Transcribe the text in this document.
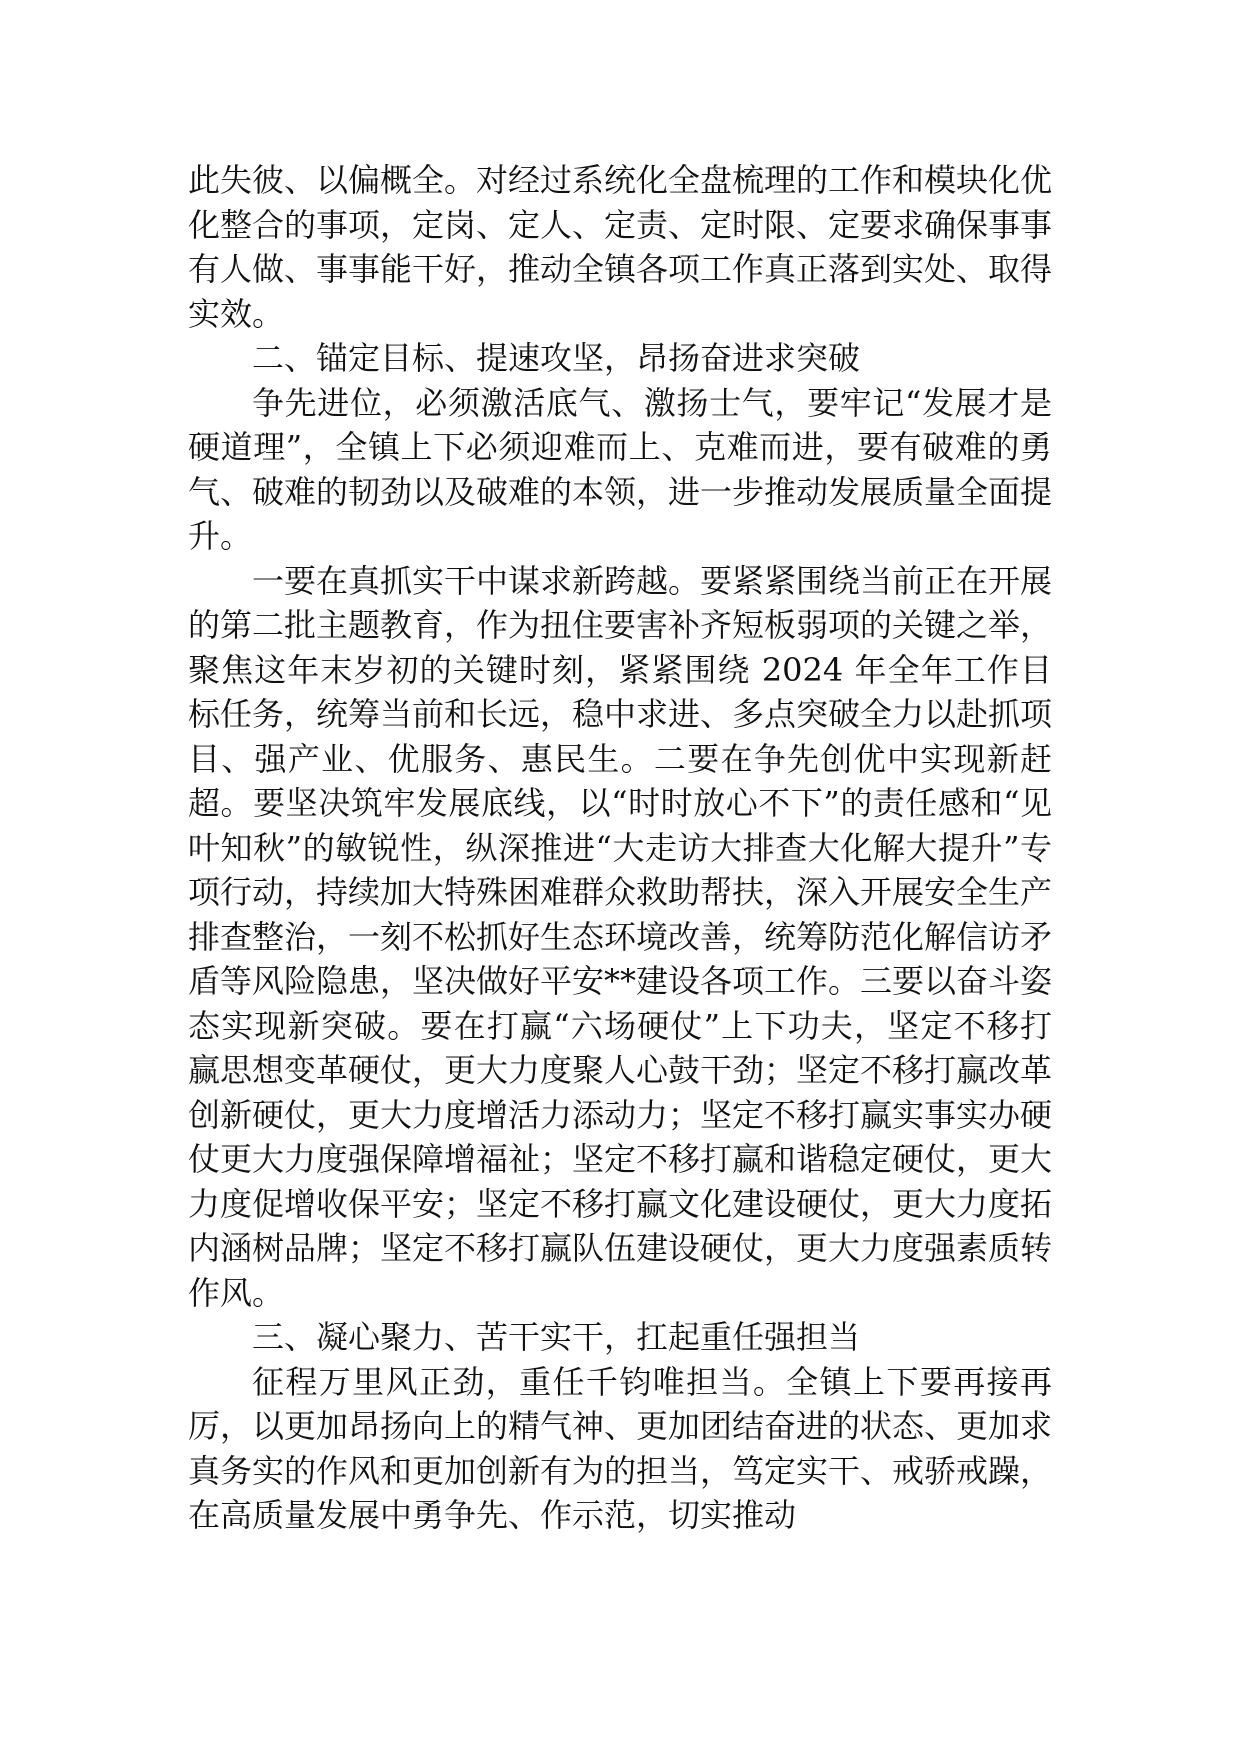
此失彼、以偏概全。对经过系统化全盘梳理的工作和模块化优化整合的事项，定岗、定人、定责、定时限、定要求确保事事有人做、事事能干好，推动全镇各项工作真正落到实处、取得实效。

二、锚定目标、提速攻坚，昂扬奋进求突破

争先进位，必须激活底气、激扬士气，要牢记“发展才是硬道理”，全镇上下必须迎难而上、克难而进，要有破难的勇气、破难的韧劲以及破难的本领，进一步推动发展质量全面提升。

一要在真抓实干中谋求新跨越。要紧紧围绕当前正在开展的第二批主题教育，作为扭住要害补齐短板弱项的关键之举，聚焦这年末岁初的关键时刻，紧紧围绕 2024 年全年工作目标任务，统筹当前和长远，稳中求进、多点突破全力以赴抓项目、强产业、优服务、惠民生。二要在争先创优中实现新赶超。要坚决筑牢发展底线，以“时时放心不下”的责任感和“见叶知秋”的敏锐性，纵深推进“大走访大排查大化解大提升”专项行动，持续加大特殊困难群众救助帮扶，深入开展安全生产排查整治，一刻不松抓好生态环境改善，统筹防范化解信访矛盾等风险隐患，坚决做好平安**建设各项工作。三要以奋斗姿态实现新突破。要在打赢“六场硬仗”上下功夫，坚定不移打赢思想变革硬仗，更大力度聚人心鼓干劲；坚定不移打赢改革创新硬仗，更大力度增活力添动力；坚定不移打赢实事实办硬仗更大力度强保障增福祉；坚定不移打赢和谐稳定硬仗，更大力度促增收保平安；坚定不移打赢文化建设硬仗，更大力度拓内涵树品牌；坚定不移打赢队伍建设硬仗，更大力度强素质转作风。

三、凝心聚力、苦干实干，扛起重任强担当

征程万里风正劲，重任千钧唯担当。全镇上下要再接再厉，以更加昂扬向上的精气神、更加团结奋进的状态、更加求真务实的作风和更加创新有为的担当，笃定实干、戒骄戒躁，在高质量发展中勇争先、作示范，切实推动
